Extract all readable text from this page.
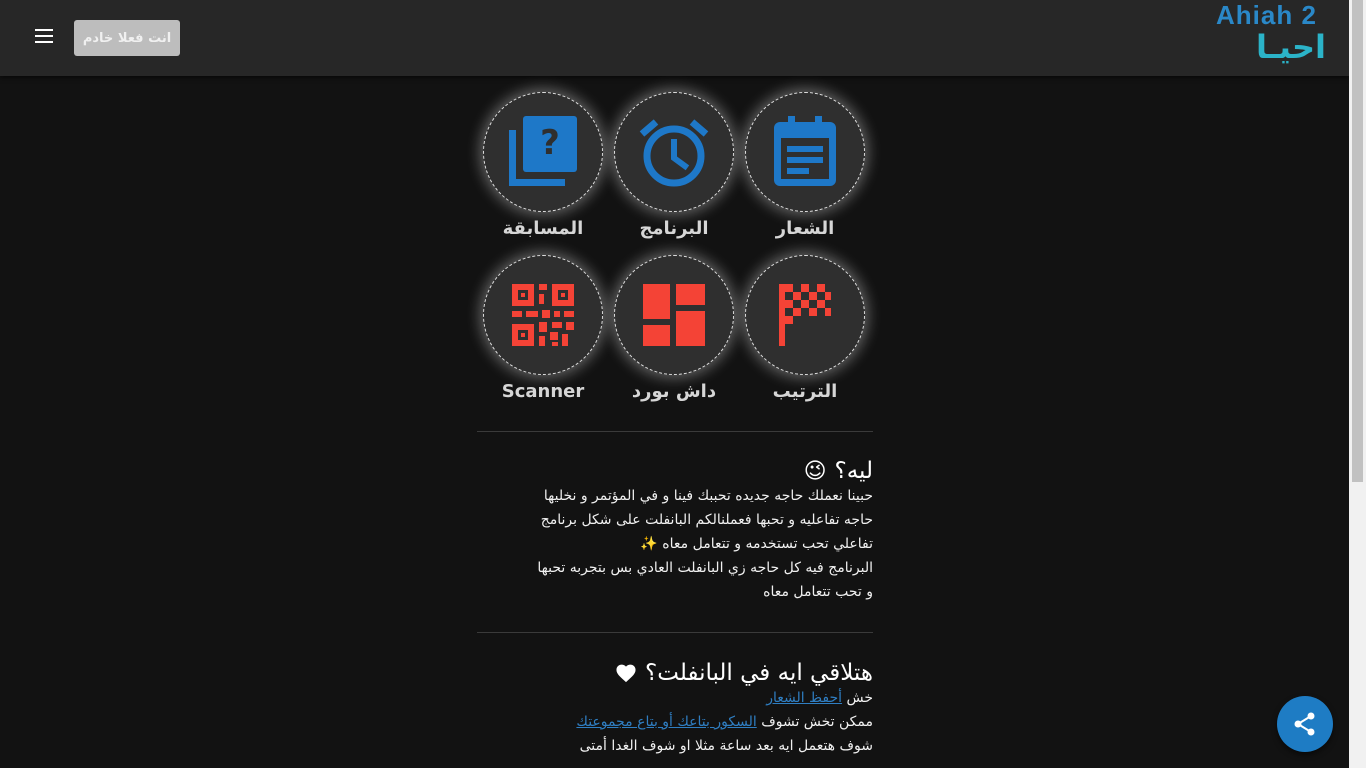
انت فعلا خادم
Ahiah 2
احيـا
الشعار
البرنامج
?
المسابقة
الترتيب
داش بورد
Scanner
ليه؟
😉

حبينا نعملك حاجه جديده تحببك فينا و في المؤتمر و نخليها

حاجه تفاعليه و تحبها فعملنالكم البانفلت على شكل برنامج

تفاعلي تحب تستخدمه و تتعامل معاه ✨

البرنامج فيه كل حاجه زي البانفلت العادي بس بتجربه تحبها

و تحب تتعامل معاه

هتلاقي ايه في البانفلت؟

خش أحفظ الشعار

ممكن تخش تشوف السكور بتاعك أو بتاع مجموعتك

شوف هتعمل ايه بعد ساعة مثلا او شوف الغدا أمتى
